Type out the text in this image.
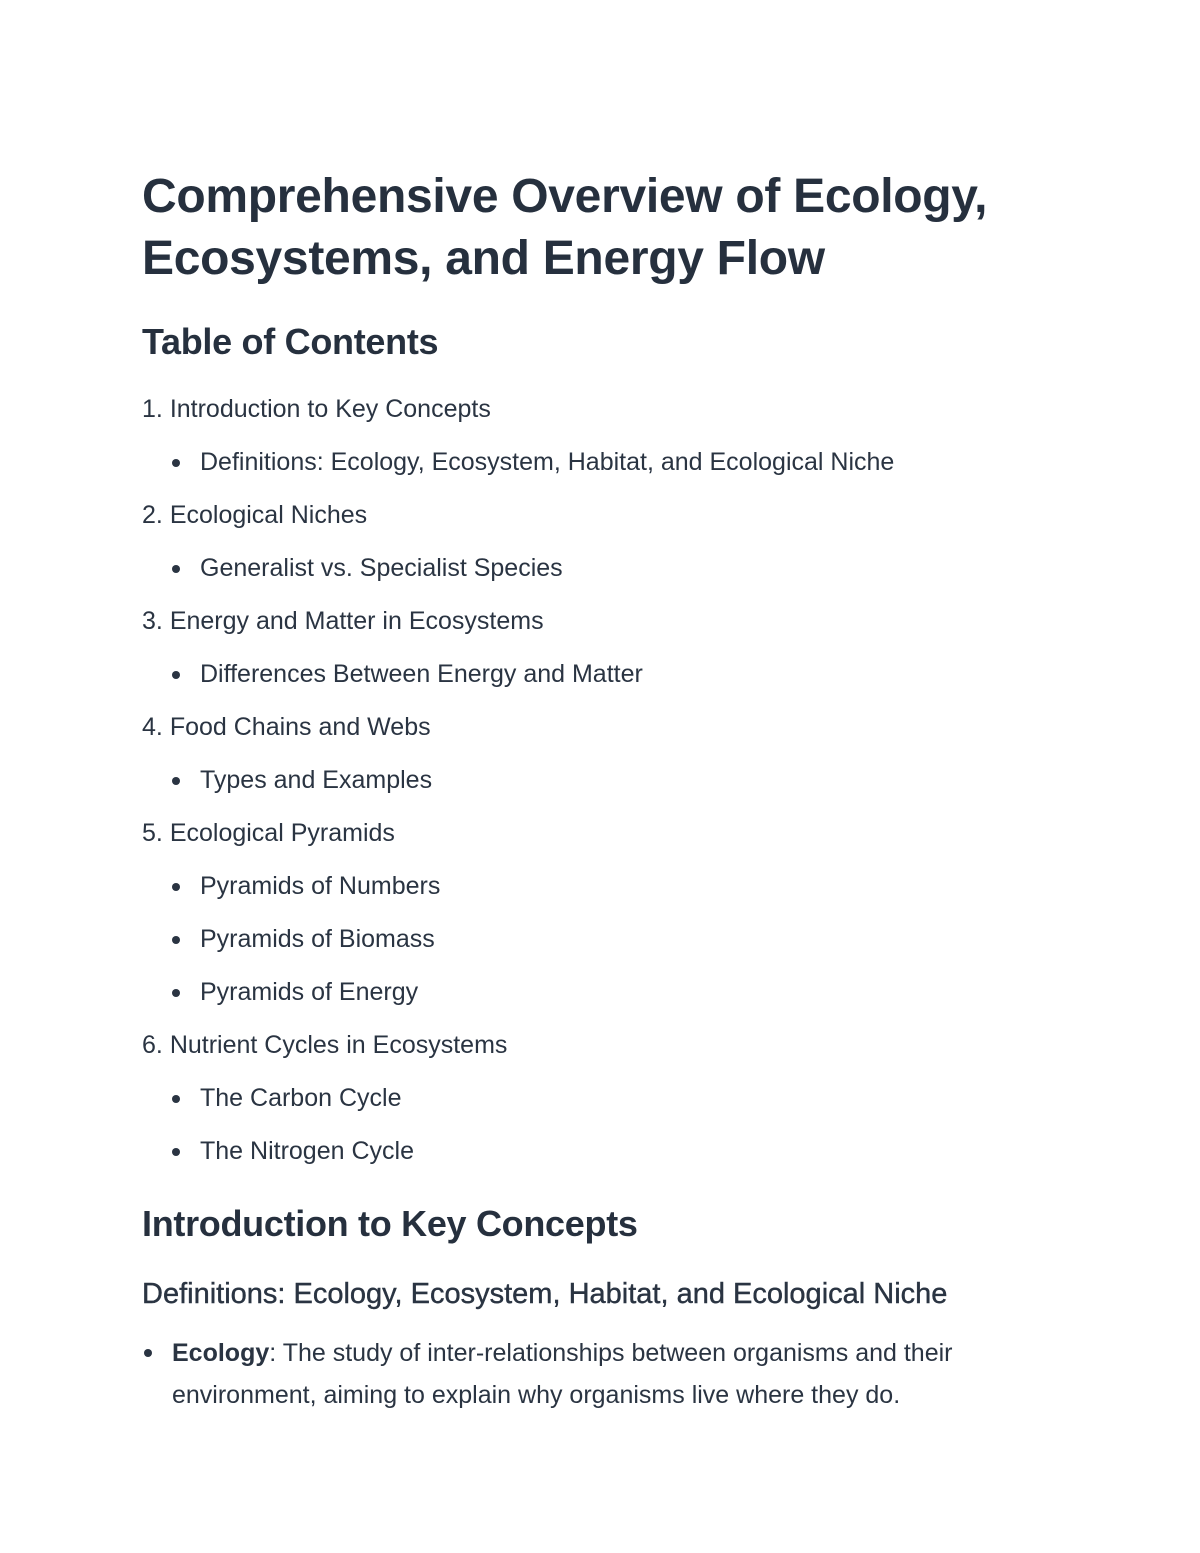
Comprehensive Overview of Ecology, Ecosystems, and Energy Flow
Table of Contents
1. Introduction to Key Concepts
Definitions: Ecology, Ecosystem, Habitat, and Ecological Niche
2. Ecological Niches
Generalist vs. Specialist Species
3. Energy and Matter in Ecosystems
Differences Between Energy and Matter
4. Food Chains and Webs
Types and Examples
5. Ecological Pyramids
Pyramids of Numbers
Pyramids of Biomass
Pyramids of Energy
6. Nutrient Cycles in Ecosystems
The Carbon Cycle
The Nitrogen Cycle
Introduction to Key Concepts
Definitions: Ecology, Ecosystem, Habitat, and Ecological Niche
Ecology: The study of inter-relationships between organisms and their environment, aiming to explain why organisms live where they do.
